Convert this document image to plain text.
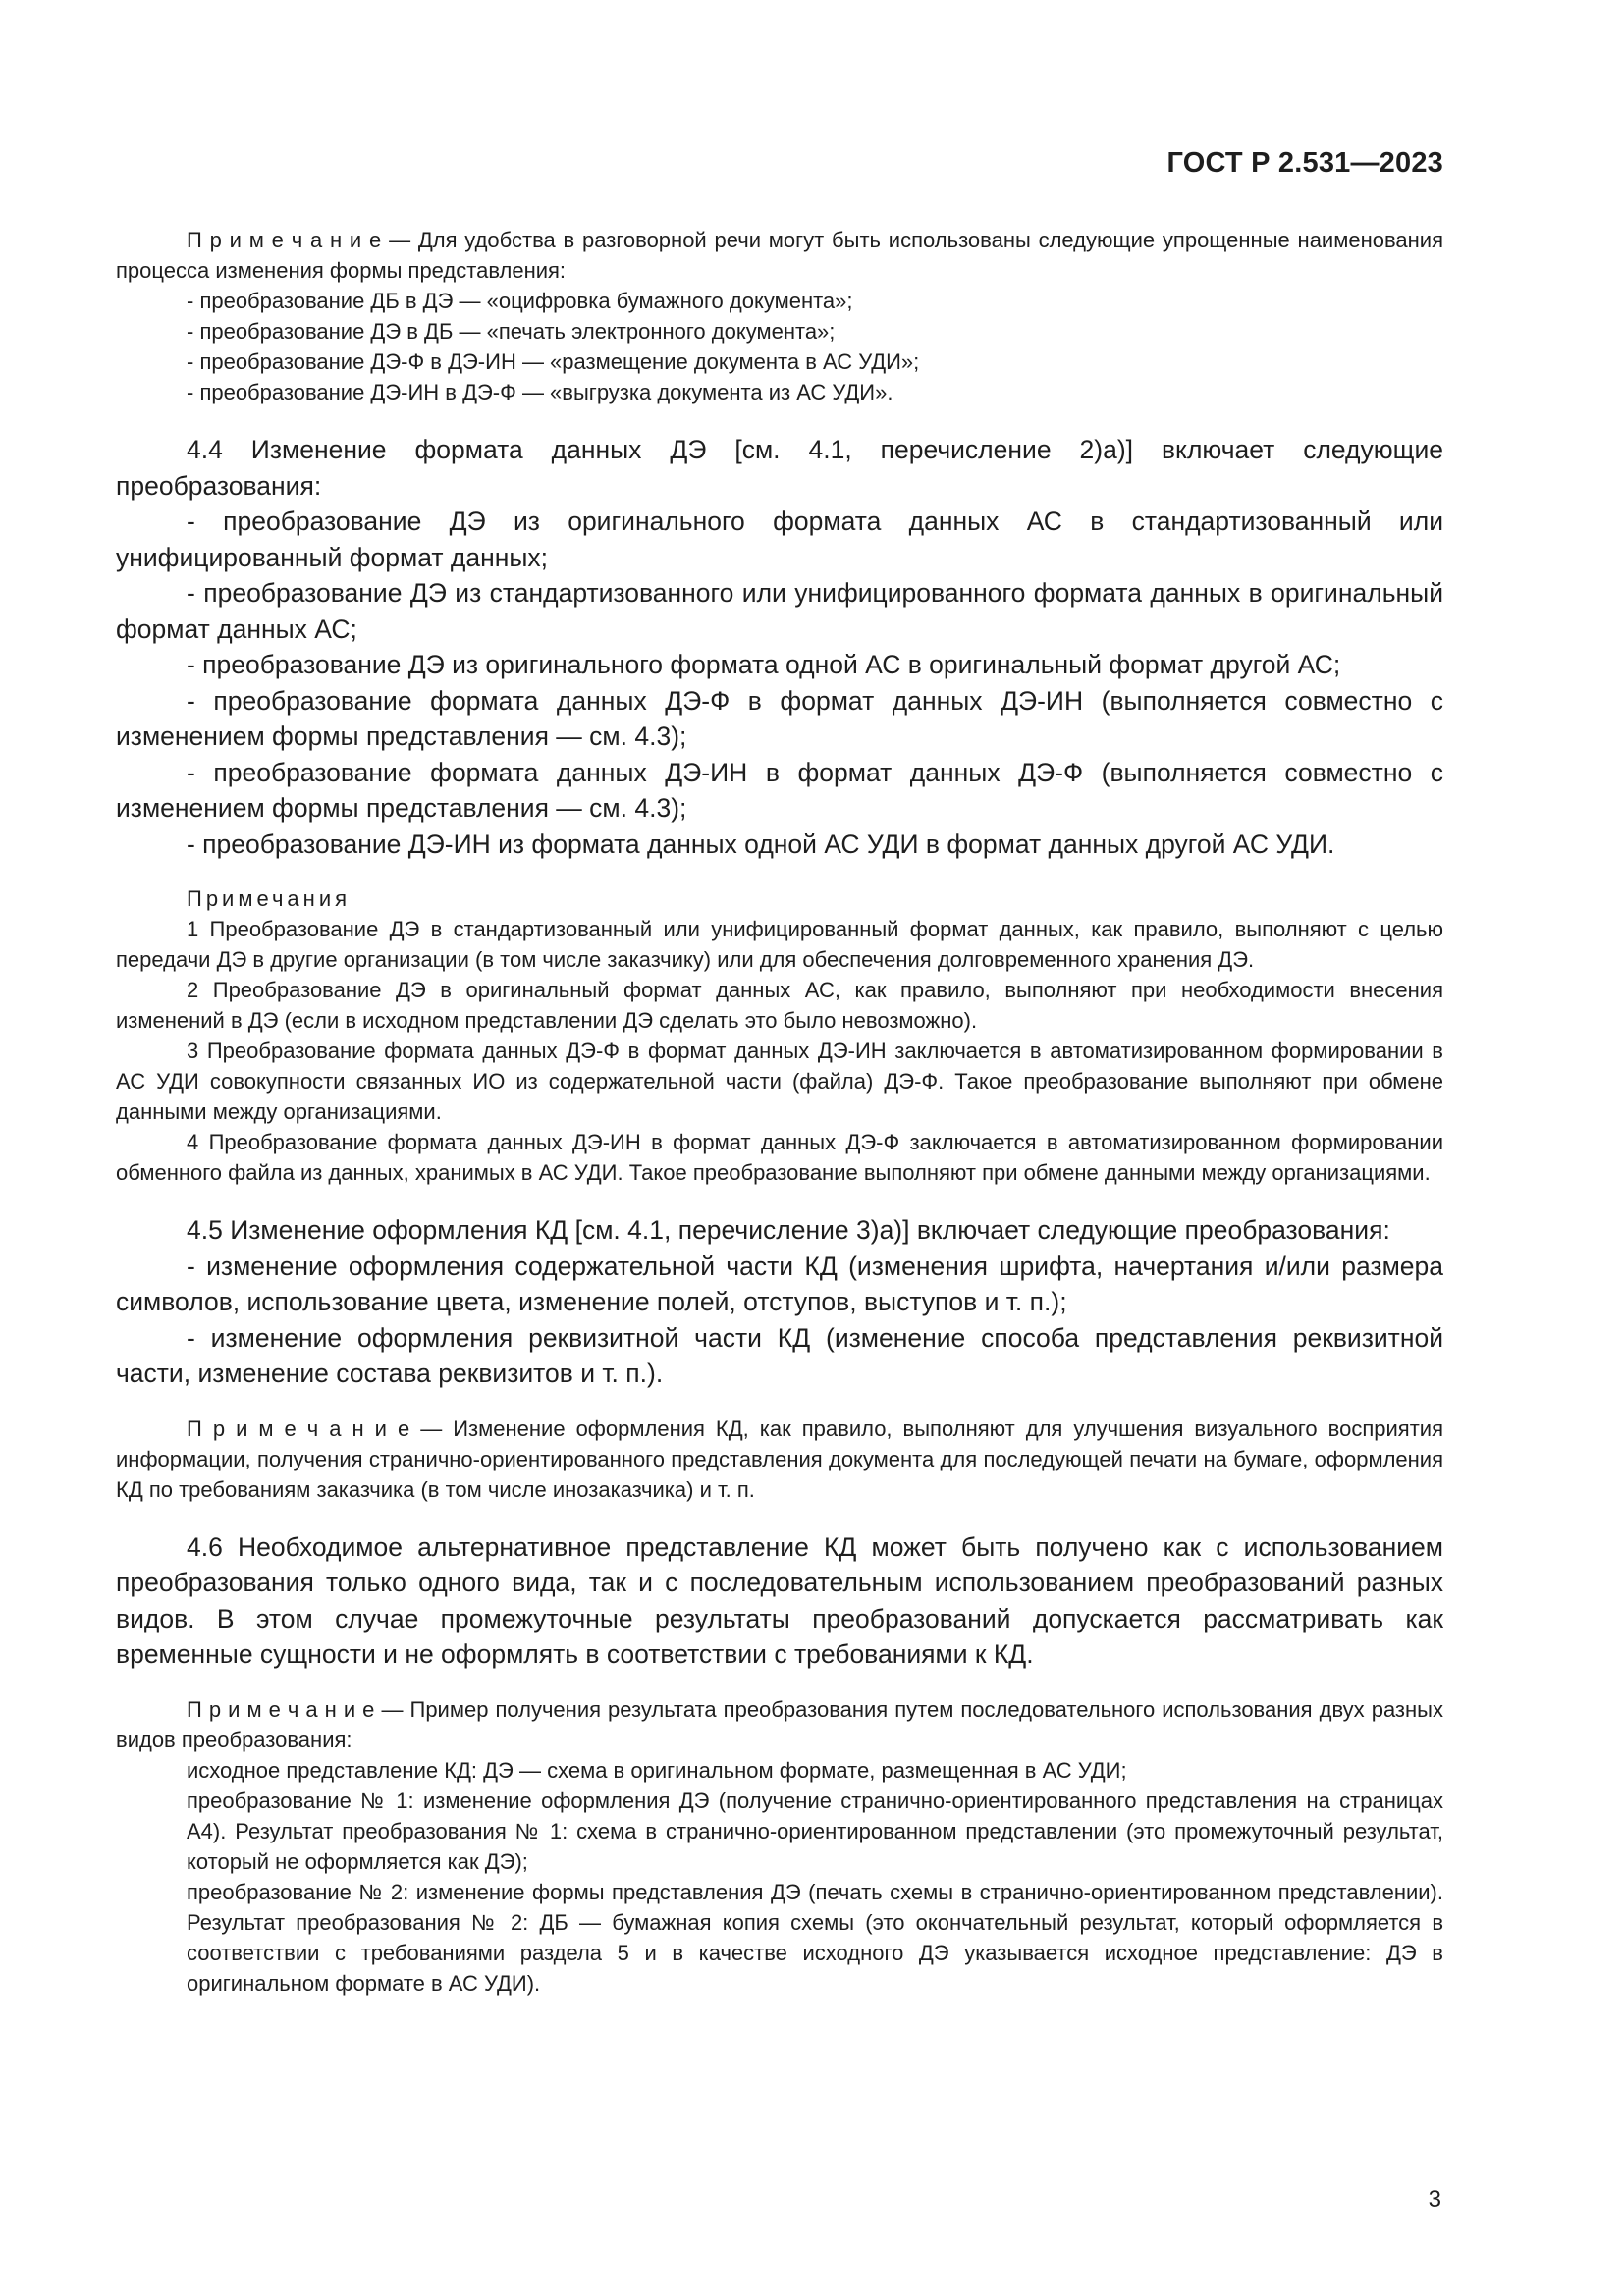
ГОСТ Р 2.531—2023

П р и м е ч а н и е — Для удобства в разговорной речи могут быть использованы следующие упрощенные наименования процесса изменения формы представления:

- преобразование ДБ в ДЭ — «оцифровка бумажного документа»;
- преобразование ДЭ в ДБ — «печать электронного документа»;
- преобразование ДЭ-Ф в ДЭ-ИН — «размещение документа в АС УДИ»;
- преобразование ДЭ-ИН в ДЭ-Ф — «выгрузка документа из АС УДИ».

4.4 Изменение формата данных ДЭ [см. 4.1, перечисление 2)а)] включает следующие преобразования:

- преобразование ДЭ из оригинального формата данных АС в стандартизованный или унифицированный формат данных;

- преобразование ДЭ из стандартизованного или унифицированного формата данных в оригинальный формат данных АС;

- преобразование ДЭ из оригинального формата одной АС в оригинальный формат другой АС;

- преобразование формата данных ДЭ-Ф в формат данных ДЭ-ИН (выполняется совместно с изменением формы представления — см. 4.3);

- преобразование формата данных ДЭ-ИН в формат данных ДЭ-Ф (выполняется совместно с изменением формы представления — см. 4.3);

- преобразование ДЭ-ИН из формата данных одной АС УДИ в формат данных другой АС УДИ.

Примечания

1 Преобразование ДЭ в стандартизованный или унифицированный формат данных, как правило, выполняют с целью передачи ДЭ в другие организации (в том числе заказчику) или для обеспечения долговременного хранения ДЭ.

2 Преобразование ДЭ в оригинальный формат данных АС, как правило, выполняют при необходимости внесения изменений в ДЭ (если в исходном представлении ДЭ сделать это было невозможно).

3 Преобразование формата данных ДЭ-Ф в формат данных ДЭ-ИН заключается в автоматизированном формировании в АС УДИ совокупности связанных ИО из содержательной части (файла) ДЭ-Ф. Такое преобразование выполняют при обмене данными между организациями.

4 Преобразование формата данных ДЭ-ИН в формат данных ДЭ-Ф заключается в автоматизированном формировании обменного файла из данных, хранимых в АС УДИ. Такое преобразование выполняют при обмене данными между организациями.

4.5 Изменение оформления КД [см. 4.1, перечисление 3)а)] включает следующие преобразования:

- изменение оформления содержательной части КД (изменения шрифта, начертания и/или размера символов, использование цвета, изменение полей, отступов, выступов и т. п.);

- изменение оформления реквизитной части КД (изменение способа представления реквизитной части, изменение состава реквизитов и т. п.).

П р и м е ч а н и е — Изменение оформления КД, как правило, выполняют для улучшения визуального восприятия информации, получения странично-ориентированного представления документа для последующей печати на бумаге, оформления КД по требованиям заказчика (в том числе инозаказчика) и т. п.

4.6 Необходимое альтернативное представление КД может быть получено как с использованием преобразования только одного вида, так и с последовательным использованием преобразований разных видов. В этом случае промежуточные результаты преобразований допускается рассматривать как временные сущности и не оформлять в соответствии с требованиями к КД.

П р и м е ч а н и е — Пример получения результата преобразования путем последовательного использования двух разных видов преобразования:

исходное представление КД: ДЭ — схема в оригинальном формате, размещенная в АС УДИ;
преобразование № 1: изменение оформления ДЭ (получение странично-ориентированного представления на страницах А4). Результат преобразования № 1: схема в странично-ориентированном представлении (это промежуточный результат, который не оформляется как ДЭ);
преобразование № 2: изменение формы представления ДЭ (печать схемы в странично-ориентированном представлении). Результат преобразования № 2: ДБ — бумажная копия схемы (это окончательный результат, который оформляется в соответствии с требованиями раздела 5 и в качестве исходного ДЭ указывается исходное представление: ДЭ в оригинальном формате в АС УДИ).
3
